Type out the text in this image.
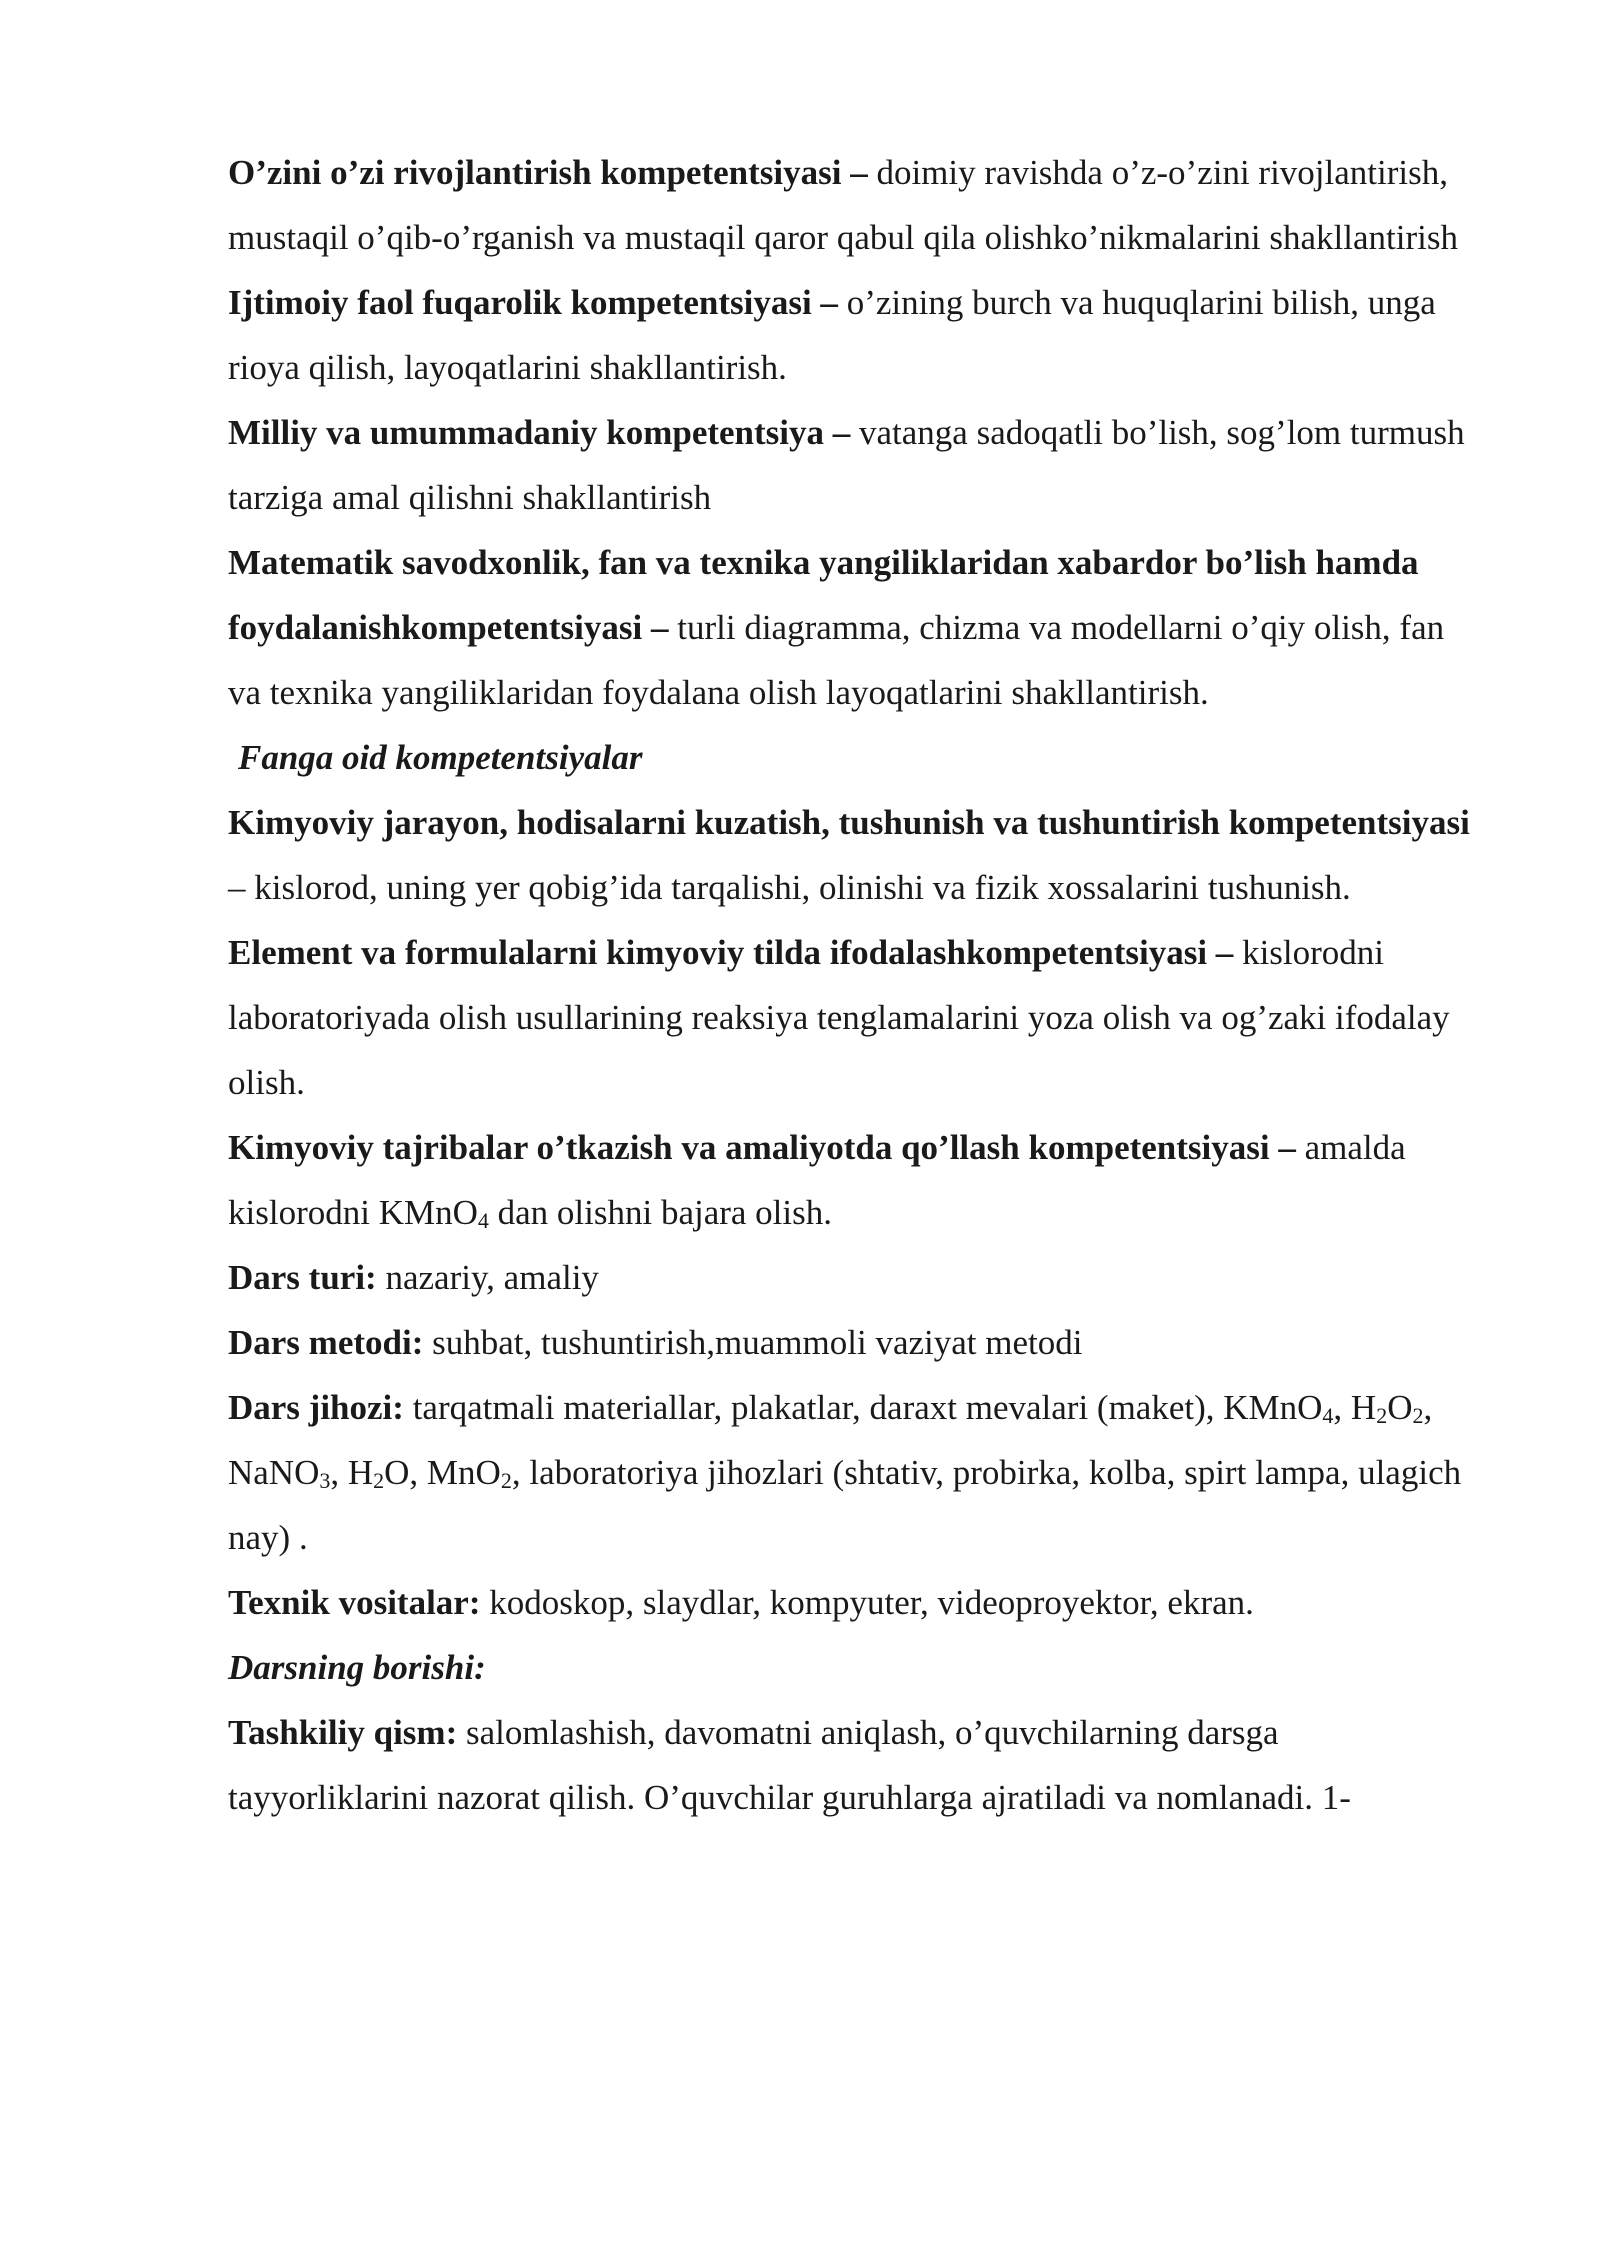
O’zini o’zi rivojlantirish kompetentsiyasi – doimiy ravishda o’z-o’zini rivojlantirish, mustaqil o’qib-o’rganish va mustaqil qaror qabul qila olishko’nikmalarini shakllantirish

Ijtimoiy faol fuqarolik kompetentsiyasi – o’zining burch va huquqlarini bilish, unga rioya qilish, layoqatlarini shakllantirish.

Milliy va umummadaniy kompetentsiya – vatanga sadoqatli bo’lish, sog’lom turmush tarziga amal qilishni shakllantirish

Matematik savodxonlik, fan va texnika yangiliklaridan xabardor bo’lish hamda foydalanishkompetentsiyasi – turli diagramma, chizma va modellarni o’qiy olish, fan va texnika yangiliklaridan foydalana olish layoqatlarini shakllantirish.

Fanga oid kompetentsiyalar

Kimyoviy jarayon, hodisalarni kuzatish, tushunish va tushuntirish kompetentsiyasi – kislorod, uning yer qobig’ida tarqalishi, olinishi va fizik xossalarini tushunish.

Element va formulalarni kimyoviy tilda ifodalashkompetentsiyasi – kislorodni laboratoriyada olish usullarining reaksiya tenglamalarini yoza olish va og’zaki ifodalay olish.

Kimyoviy tajribalar o’tkazish va amaliyotda qo’llash kompetentsiyasi – amalda kislorodni KMnO$_4$ dan olishni bajara olish.

Dars turi: nazariy, amaliy

Dars metodi: suhbat, tushuntirish,muammoli vaziyat metodi

Dars jihozi: tarqatmali materiallar, plakatlar, daraxt mevalari (maket), KMnO$_4$, $H_2O_2$, NaNO$_3$, $H_2O$, MnO$_2$, laboratoriya jihozlari (shtativ, probirka, kolba, spirt lampa, ulagich nay) .

Texnik vositalar: kodoskop, slaydlar, kompyuter, videoproyektor, ekran.

Darsning borishi:

Tashkiliy qism: salomlashish, davomatni aniqlash, o’quvchilarning darsga tayyorliklarini nazorat qilish. O’quvchilar guruhlarga ajratiladi va nomlanadi. 1-
